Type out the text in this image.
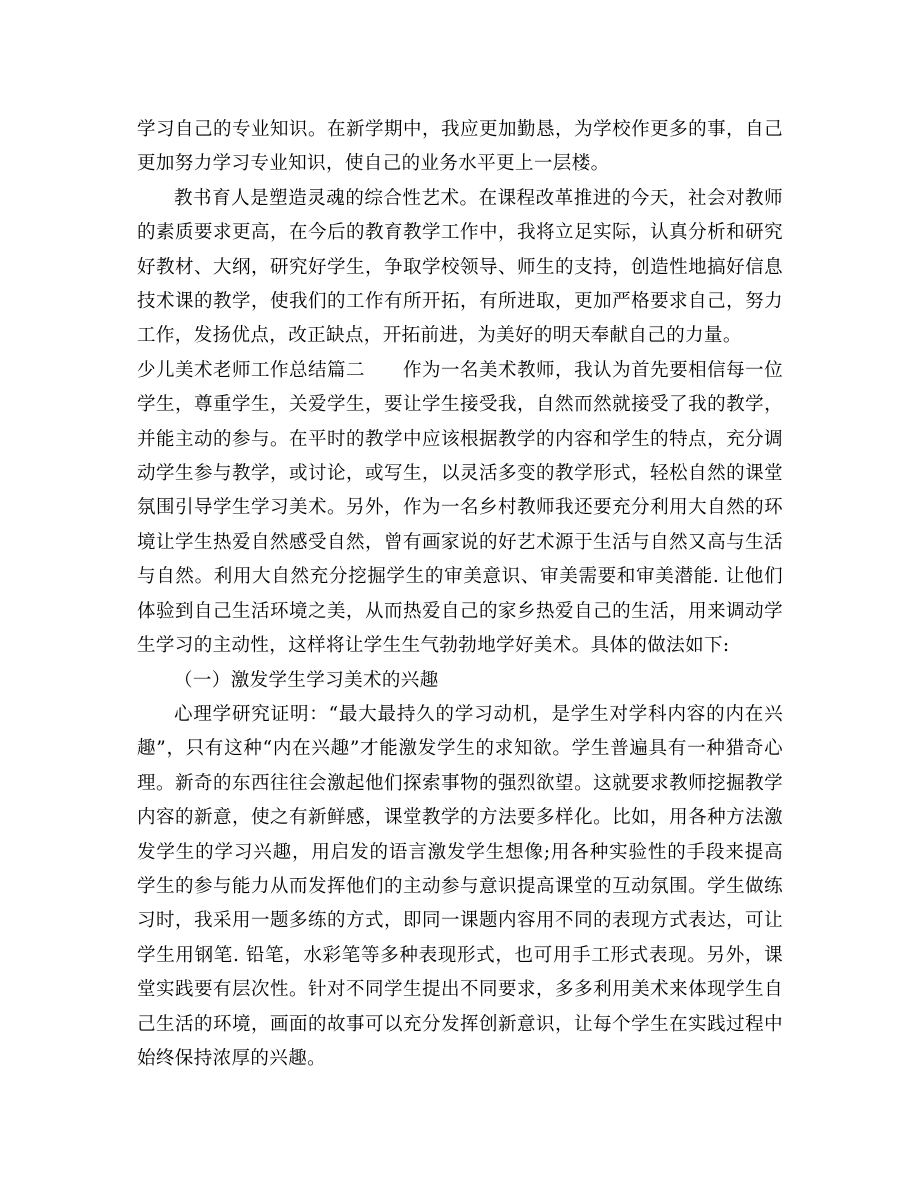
学习自己的专业知识。在新学期中，我应更加勤恳，为学校作更多的事，自己更加努力学习专业知识，使自己的业务水平更上一层楼。

教书育人是塑造灵魂的综合性艺术。在课程改革推进的今天，社会对教师的素质要求更高，在今后的教育教学工作中，我将立足实际，认真分析和研究好教材、大纲，研究好学生，争取学校领导、师生的支持，创造性地搞好信息技术课的教学，使我们的工作有所开拓，有所进取，更加严格要求自己，努力工作，发扬优点，改正缺点，开拓前进，为美好的明天奉献自己的力量。

少儿美术老师工作总结篇二　　作为一名美术教师，我认为首先要相信每一位学生，尊重学生，关爱学生，要让学生接受我，自然而然就接受了我的教学，并能主动的参与。在平时的教学中应该根据教学的内容和学生的特点，充分调动学生参与教学，或讨论，或写生，以灵活多变的教学形式，轻松自然的课堂氛围引导学生学习美术。另外，作为一名乡村教师我还要充分利用大自然的环境让学生热爱自然感受自然，曾有画家说的好艺术源于生活与自然又高与生活与自然。利用大自然充分挖掘学生的审美意识、审美需要和审美潜能. 让他们体验到自己生活环境之美，从而热爱自己的家乡热爱自己的生活，用来调动学生学习的主动性，这样将让学生生气勃勃地学好美术。具体的做法如下:

（一）激发学生学习美术的兴趣

心理学研究证明：“最大最持久的学习动机，是学生对学科内容的内在兴趣”，只有这种“内在兴趣”才能激发学生的求知欲。学生普遍具有一种猎奇心理。新奇的东西往往会激起他们探索事物的强烈欲望。这就要求教师挖掘教学内容的新意，使之有新鲜感，课堂教学的方法要多样化。比如，用各种方法激发学生的学习兴趣，用启发的语言激发学生想像;用各种实验性的手段来提高学生的参与能力从而发挥他们的主动参与意识提高课堂的互动氛围。学生做练习时，我采用一题多练的方式，即同一课题内容用不同的表现方式表达，可让学生用钢笔. 铅笔，水彩笔等多种表现形式，也可用手工形式表现。另外，课堂实践要有层次性。针对不同学生提出不同要求，多多利用美术来体现学生自己生活的环境，画面的故事可以充分发挥创新意识，让每个学生在实践过程中始终保持浓厚的兴趣。
